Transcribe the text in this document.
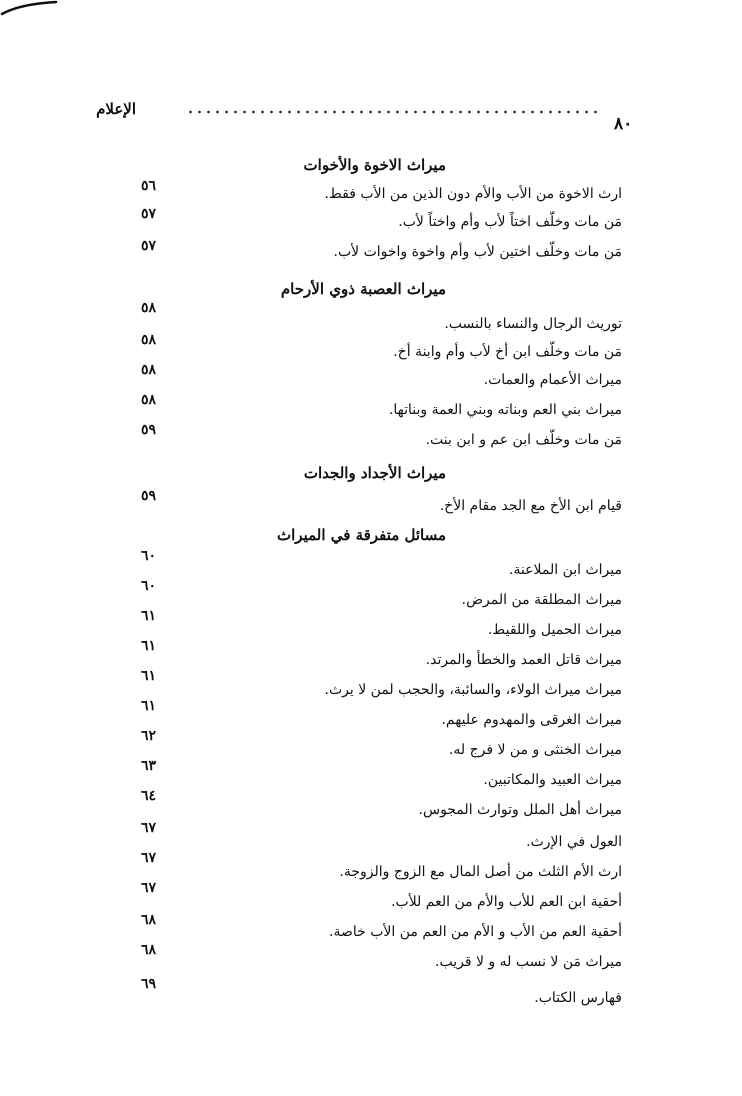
٨٠
الإعلام
ميراث الاخوة والأخوات
ارث الاخوة من الأب والأم دون الذين من الأب فقط.
٥٦
مَن مات وخلّف اختاً لأب وأم واختاً لأب.
٥٧
مَن مات وخلّف اختين لأب وأم واخوة واخوات لأب.
٥٧
ميراث العصبة ذوي الأرحام
توريث الرجال والنساء بالنسب.
٥٨
مَن مات وخلّف ابن أخ لأب وأم وابنة أخ.
٥٨
ميراث الأعمام والعمات.
٥٨
ميراث بني العم وبناته وبني العمة وبناتها.
٥٨
مَن مات وخلّف ابن عم و ابن بنت.
٥٩
ميراث الأجداد والجدات
قيام ابن الأخ مع الجد مقام الأخ.
٥٩
مسائل متفرقة في الميراث
ميراث ابن الملاعنة.
٦٠
ميراث المطلقة من المرض.
٦٠
ميراث الحميل واللقيط.
٦١
ميراث قاتل العمد والخطأ والمرتد.
٦١
ميراث ميراث الولاء، والسائبة، والحجب لمن لا يرث.
٦١
ميراث الغرقى والمهدوم عليهم.
٦١
ميراث الخنثى و من لا فرج له.
٦٢
ميراث العبيد والمكاتبين.
٦٣
ميراث أهل الملل وتوارث المجوس.
٦٤
العول في الإرث.
٦٧
ارث الأم الثلث من أصل المال مع الزوج والزوجة.
٦٧
أحقية ابن العم للأب والأم من العم للأب.
٦٧
أحقية العم من الأب و الأم من العم من الأب خاصة.
٦٨
ميراث مَن لا نسب له و لا قريب.
٦٨
فهارس الكتاب.
٦٩
